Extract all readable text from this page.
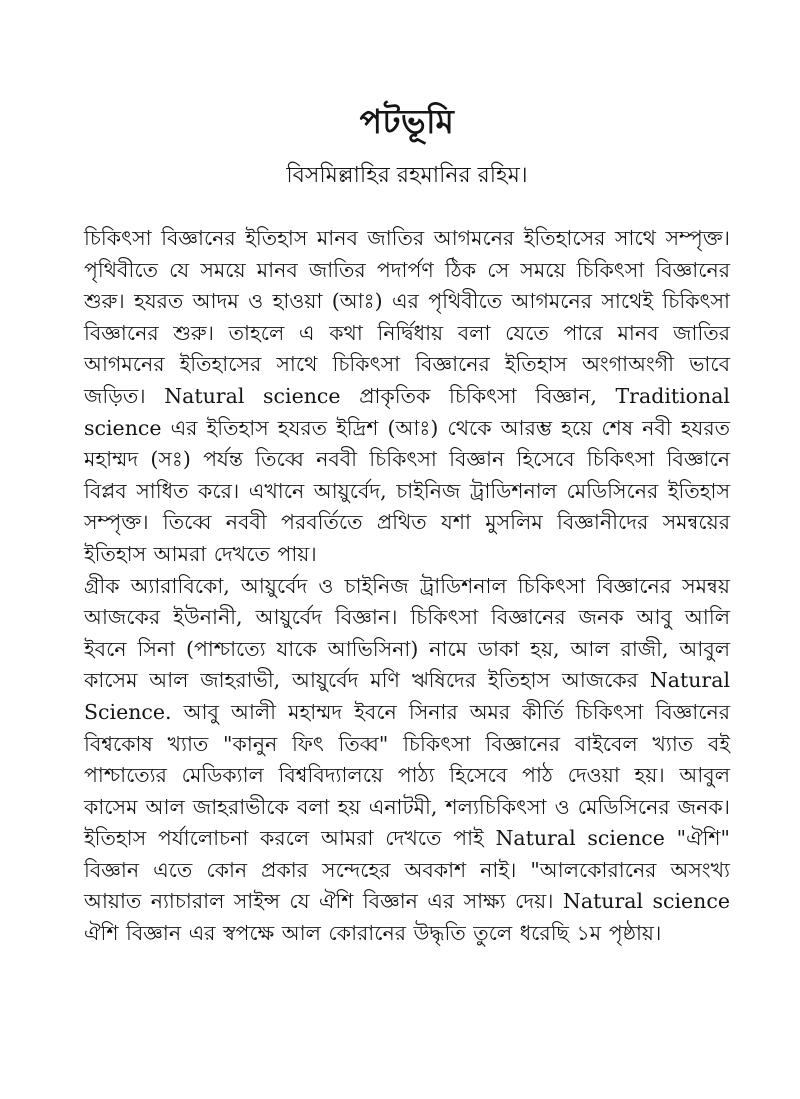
পটভূমি
বিসমিল্লাহির রহমানির রহিম।

চিকিৎসা বিজ্ঞানের ইতিহাস মানব জাতির আগমনের ইতিহাসের সাথে সম্পৃক্ত। পৃথিবীতে যে সময়ে মানব জাতির পদার্পণ ঠিক সে সময়ে চিকিৎসা বিজ্ঞানের শুরু। হযরত আদম ও হাওয়া (আঃ) এর পৃথিবীতে আগমনের সাথেই চিকিৎসা বিজ্ঞানের শুরু। তাহলে এ কথা নির্দ্বিধায় বলা যেতে পারে মানব জাতির আগমনের ইতিহাসের সাথে চিকিৎসা বিজ্ঞানের ইতিহাস অংগাঅংগী ভাবে জড়িত। Natural science প্রাকৃতিক চিকিৎসা বিজ্ঞান, Traditional science এর ইতিহাস হযরত ইদ্রিশ (আঃ) থেকে আরম্ভ হয়ে শেষ নবী হযরত মহাম্মদ (সঃ) পর্যন্ত তিব্বে নববী চিকিৎসা বিজ্ঞান হিসেবে চিকিৎসা বিজ্ঞানে বিপ্লব সাধিত করে। এখানে আয়ুর্বেদ, চাইনিজ ট্রাডিশনাল মেডিসিনের ইতিহাস সম্পৃক্ত। তিব্বে নববী পরবর্তিতে প্রথিত যশা মুসলিম বিজ্ঞানীদের সমন্বয়ের ইতিহাস আমরা দেখতে পায়।

গ্রীক অ্যারাবিকো, আয়ুর্বেদ ও চাইনিজ ট্রাডিশনাল চিকিৎসা বিজ্ঞানের সমন্বয় আজকের ইউনানী, আয়ুর্বেদ বিজ্ঞান। চিকিৎসা বিজ্ঞানের জনক আবু আলি ইবনে সিনা (পাশ্চাত্যে যাকে আভিসিনা) নামে ডাকা হয়, আল রাজী, আবুল কাসেম আল জাহরাভী, আয়ুর্বেদ মণি ঋষিদের ইতিহাস আজকের Natural Science. আবু আলী মহাম্মদ ইবনে সিনার অমর কীর্তি চিকিৎসা বিজ্ঞানের বিশ্বকোষ খ্যাত "কানুন ফিৎ তিব্ব" চিকিৎসা বিজ্ঞানের বাইবেল খ্যাত বই পাশ্চাত্যের মেডিক্যাল বিশ্ববিদ্যালয়ে পাঠ্য হিসেবে পাঠ দেওয়া হয়। আবুল কাসেম আল জাহরাভীকে বলা হয় এনাটমী, শল্যচিকিৎসা ও মেডিসিনের জনক। ইতিহাস পর্যালোচনা করলে আমরা দেখতে পাই Natural science "ঐশি" বিজ্ঞান এতে কোন প্রকার সন্দেহের অবকাশ নাই। "আলকোরানের অসংখ্য আয়াত ন্যাচারাল সাইন্স যে ঐশি বিজ্ঞান এর সাক্ষ্য দেয়। Natural science ঐশি বিজ্ঞান এর স্বপক্ষে আল কোরানের উদ্ধৃতি তুলে ধরেছি ১ম পৃষ্ঠায়।
